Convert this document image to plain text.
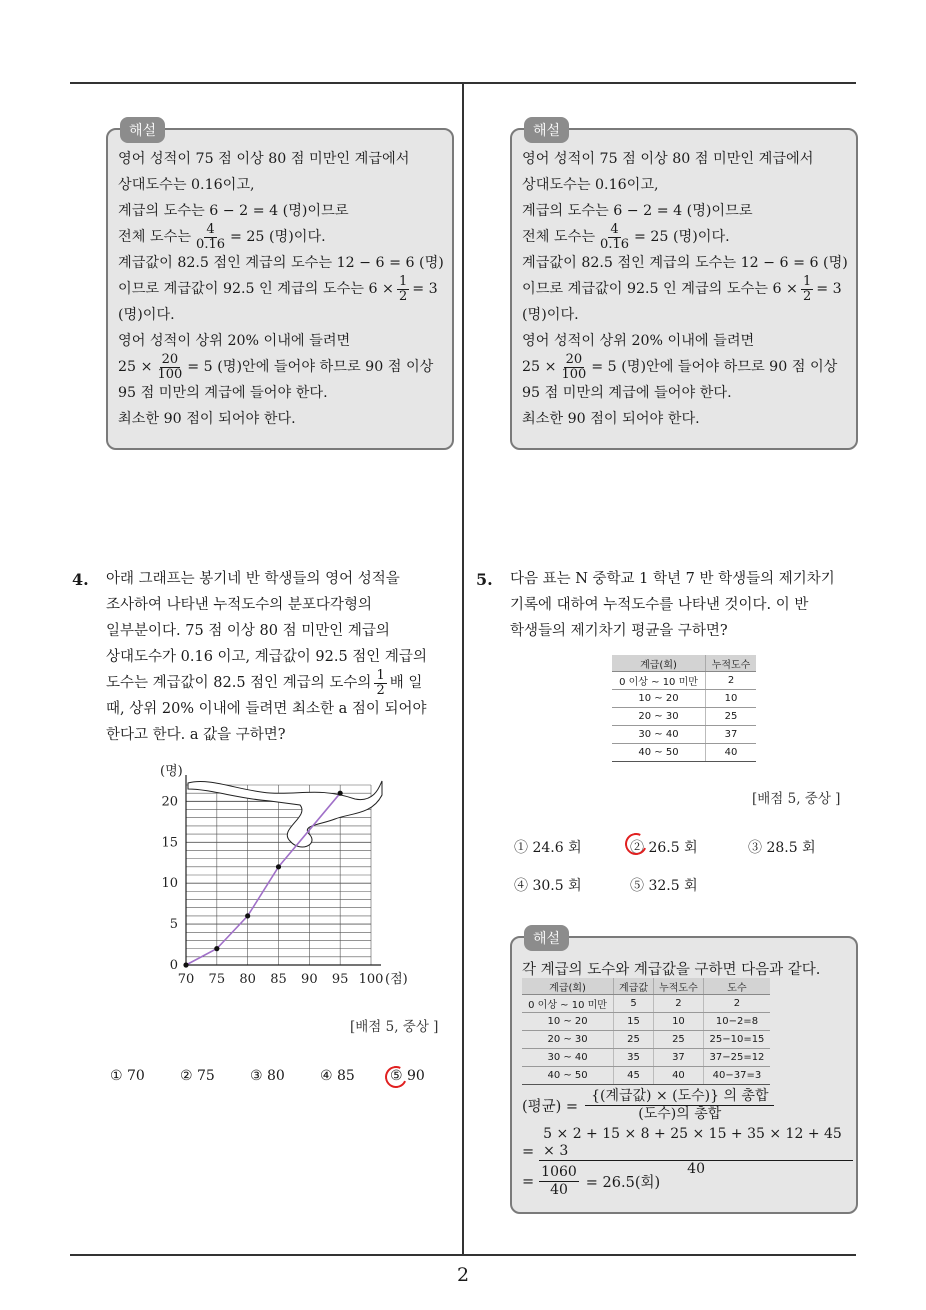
2
해설
영어 성적이 75 점 이상 80 점 미만인 계급에서
상대도수는 0.16이고,
계급의 도수는 6 − 2 = 4 (명)이므로
전체 도수는 $\frac{4}{0.16} = 25$ (명)이다.
계급값이 82.5 점인 계급의 도수는 12 − 6 = 6 (명)
이므로 계급값이 92.5 인 계급의 도수는 $6 \times \frac{1}{2} = 3$
(명)이다.
영어 성적이 상위 20% 이내에 들려면
$25 \times \frac{20}{100} = 5$ (명)안에 들어야 하므로 90 점 이상
95 점 미만의 계급에 들어야 한다.
최소한 90 점이 되어야 한다.
해설
영어 성적이 75 점 이상 80 점 미만인 계급에서
상대도수는 0.16이고,
계급의 도수는 6 − 2 = 4 (명)이므로
전체 도수는 $\frac{4}{0.16} = 25$ (명)이다.
계급값이 82.5 점인 계급의 도수는 12 − 6 = 6 (명)
이므로 계급값이 92.5 인 계급의 도수는 $6 \times \frac{1}{2} = 3$
(명)이다.
영어 성적이 상위 20% 이내에 들려면
$25 \times \frac{20}{100} = 5$ (명)안에 들어야 하므로 90 점 이상
95 점 미만의 계급에 들어야 한다.
최소한 90 점이 되어야 한다.
4. 아래 그래프는 봉기네 반 학생들의 영어 성적을
조사하여 나타낸 누적도수의 분포다각형의
일부분이다. 75 점 이상 80 점 미만인 계급의
상대도수가 0.16 이고, 계급값이 92.5 점인 계급의
도수는 계급값이 82.5 점인 계급의 도수의 $\frac{1}{2}$ 배 일
때, 상위 20% 이내에 들려면 최소한 a 점이 되어야
한다고 한다. a 값을 구하면?
70 75 80 85 90 95 100
0
5
10
15
20
(명)
(점)
[배점 5, 중상 ]
① 70	② 75	③ 80	④ 85	⑤ 90
5. 다음 표는 N 중학교 1 학년 7 반 학생들의 제기차기
기록에 대하여 누적도수를 나타낸 것이다. 이 반
학생들의 제기차기 평균을 구하면?
계급(회)	누적도수
0 이상 ~ 10 미만	2
10 ~ 20	10
20 ~ 30	25
30 ~ 40	37
40 ~ 50	40
[배점 5, 중상 ]
① 24.6 회	② 26.5 회	③ 28.5 회
④ 30.5 회	⑤ 32.5 회
해설
각 계급의 도수와 계급값을 구하면 다음과 같다.
계급(회)	계급값	누적도수	도수
0 이상 ~ 10 미만	5	2	2
10 ~ 20	15	10	10−2=8
20 ~ 30	25	25	25−10=15
30 ~ 40	35	37	37−25=12
40 ~ 50	45	40	40−37=3
(평균) = $\frac{\text{\{(계급값) × (도수)\} 의 총합}}{\text{(도수)의 총합}}$
= $\frac{5 \times 2 + 15 \times 8 + 25 \times 15 + 35 \times 12 + 45 \times 3}{40}$
= $\frac{1060}{40} = 26.5$(회)
